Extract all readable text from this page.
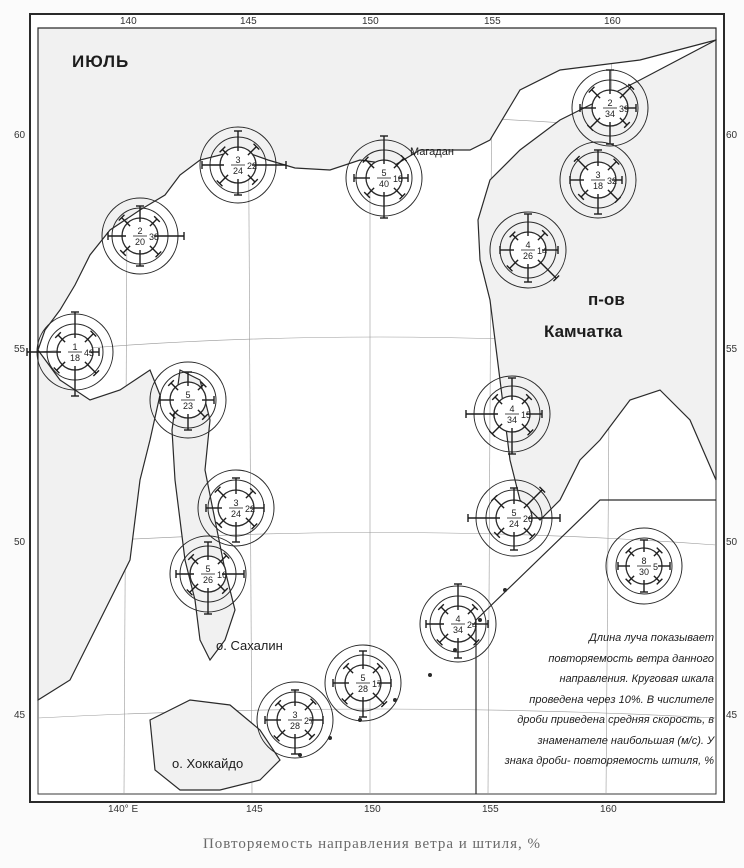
2
34 39
3
18 32
4
26 14
5
40 18
3
24 22
2
20 38
1
18 43
5
23
3
24 22
5
26 16
4
34 15
5
24 26
4
34 24
5
28 17
3
28 27
8
30 5
140	145	150	155	160
140° E	145	150	155	160
60
55
50
45
60
55
50
45
ИЮЛЬ
Магадан
п-ов
Камчатка
о. Сахалин
о. Хоккайдо
Длина луча показывает
повторяемость ветра данного
направления. Круговая шкала
проведена через 10%. В числителе
дроби приведена средняя скорость, в
знаменателе наибольшая (м/с). У
знака дроби- повторяемость штиля, %
Повторяемость направления ветра и штиля, %
